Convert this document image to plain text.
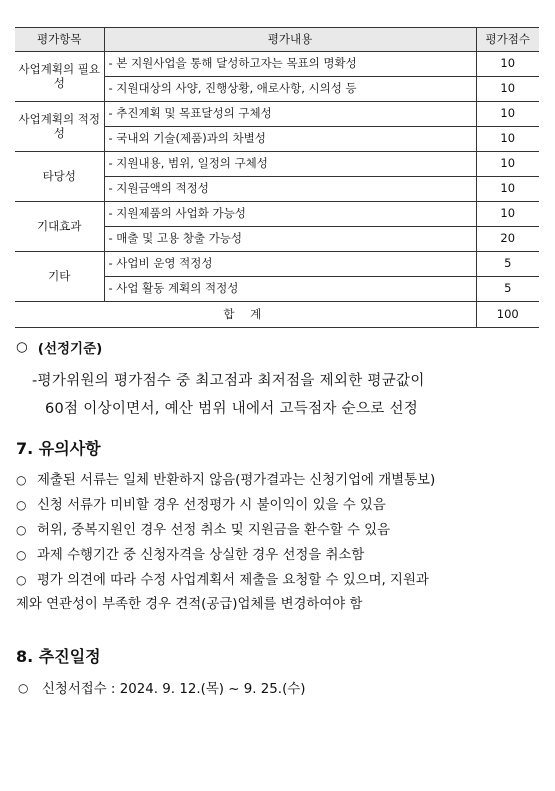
평가항목	평가내용	평가점수
사업계획의 필요성	- 본 지원사업을 통해 달성하고자는 목표의 명확성	10
	- 지원대상의 사양, 진행상황, 애로사항, 시의성 등	10
사업계획의 적정성	- 추진계획 및 목표달성의 구체성	10
	- 국내외 기술(제품)과의 차별성	10
타당성	- 지원내용, 범위, 일정의 구체성	10
	- 지원금액의 적정성	10
기대효과	- 지원제품의 사업화 가능성	10
	- 매출 및 고용 창출 가능성	20
기타	- 사업비 운영 적정성	5
	- 사업 활동 계획의 적정성	5
합 계		100
○ (선정기준)
-평가위원의 평가점수 중 최고점과 최저점을 제외한 평균값이
60점 이상이면서, 예산 범위 내에서 고득점자 순으로 선정
7. 유의사항
○ 제출된 서류는 일체 반환하지 않음(평가결과는 신청기업에 개별통보)
○ 신청 서류가 미비할 경우 선정평가 시 불이익이 있을 수 있음
○ 허위, 중복지원인 경우 선정 취소 및 지원금을 환수할 수 있음
○ 과제 수행기간 중 신청자격을 상실한 경우 선정을 취소함
○ 평가 의견에 따라 수정 사업계획서 제출을 요청할 수 있으며, 지원과
제와 연관성이 부족한 경우 견적(공급)업체를 변경하여야 함
8. 추진일정
○	신청서접수 : 2024. 9. 12.(목) ~ 9. 25.(수)
